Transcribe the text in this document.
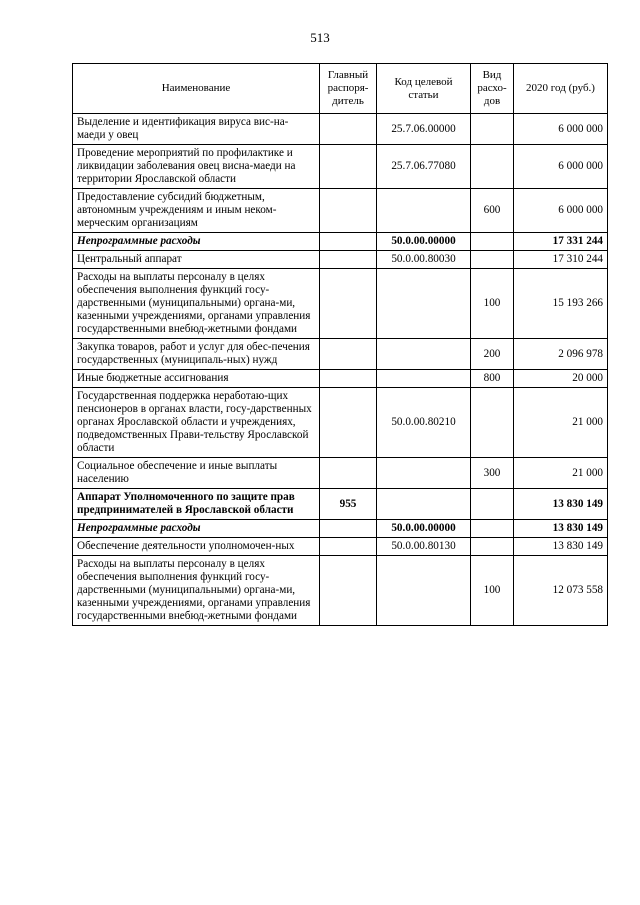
513
Наименование	Главный распоря-дитель	Код целевой статьи	Вид расхо-дов	2020 год (руб.)
Выделение и идентификация вируса вис-на-маеди у овец		25.7.06.00000		6 000 000
Проведение мероприятий по профилактике и ликвидации заболевания овец висна-маеди на территории Ярославской области		25.7.06.77080		6 000 000
Предоставление субсидий бюджетным, автономным учреждениям и иным неком-мерческим организациям			600	6 000 000
Непрограммные расходы		50.0.00.00000		17 331 244
Центральный аппарат		50.0.00.80030		17 310 244
Расходы на выплаты персоналу в целях обеспечения выполнения функций госу-дарственными (муниципальными) органа-ми, казенными учреждениями, органами управления государственными внебюд-жетными фондами			100	15 193 266
Закупка товаров, работ и услуг для обес-печения государственных (муниципаль-ных) нужд			200	2 096 978
Иные бюджетные ассигнования			800	20 000
Государственная поддержка неработаю-щих пенсионеров в органах власти, госу-дарственных органах Ярославской области и учреждениях, подведомственных Прави-тельству Ярославской области		50.0.00.80210		21 000
Социальное обеспечение и иные выплаты населению			300	21 000
Аппарат Уполномоченного по защите прав предпринимателей в Ярославской области	955			13 830 149
Непрограммные расходы		50.0.00.00000		13 830 149
Обеспечение деятельности уполномочен-ных		50.0.00.80130		13 830 149
Расходы на выплаты персоналу в целях обеспечения выполнения функций госу-дарственными (муниципальными) органа-ми, казенными учреждениями, органами управления государственными внебюд-жетными фондами			100	12 073 558
